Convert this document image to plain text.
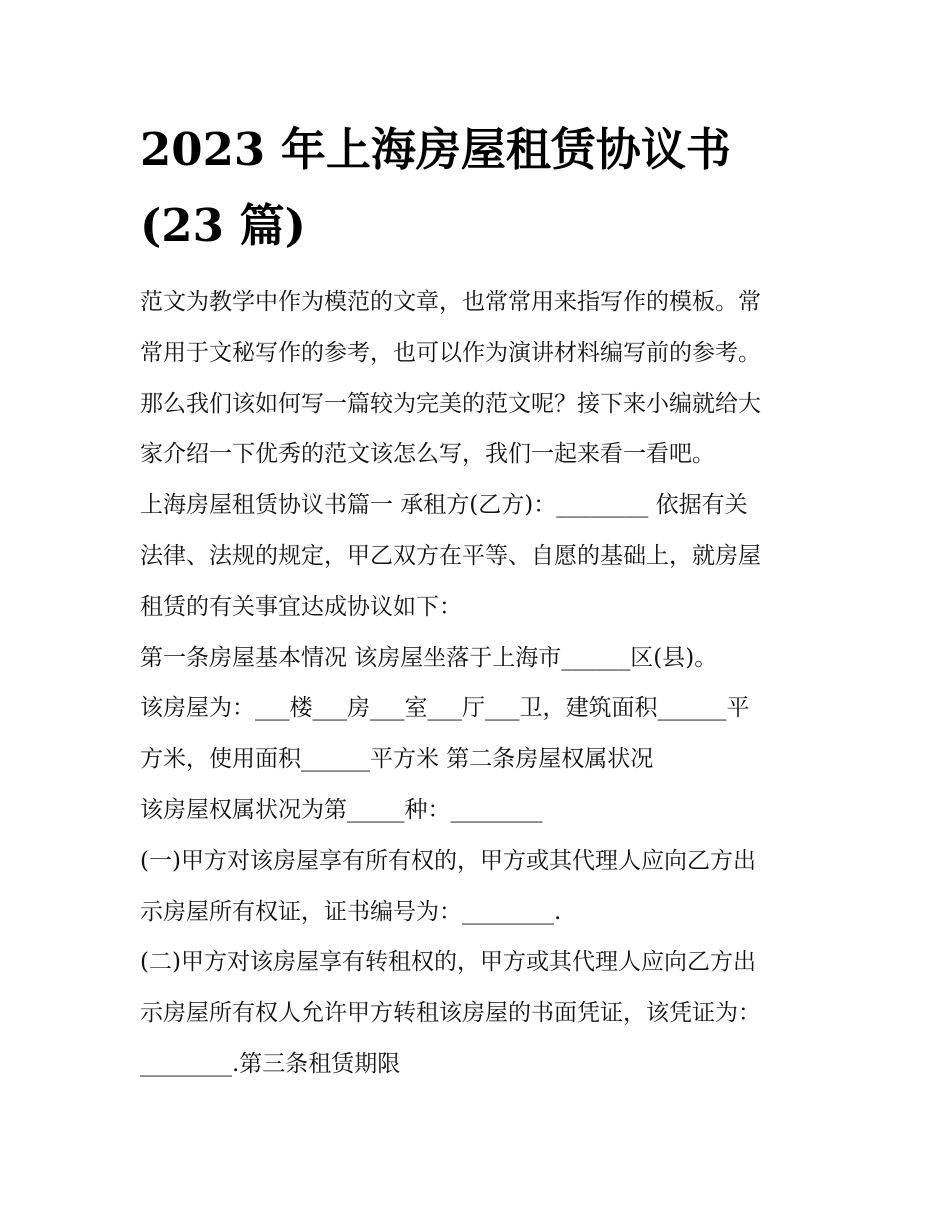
2023 年上海房屋租赁协议书
(23 篇)
范文为教学中作为模范的文章，也常常用来指写作的模板。常
常用于文秘写作的参考，也可以作为演讲材料编写前的参考。
那么我们该如何写一篇较为完美的范文呢？接下来小编就给大
家介绍一下优秀的范文该怎么写，我们一起来看一看吧。
上海房屋租赁协议书篇一 承租方(乙方)：________ 依据有关
法律、法规的规定，甲乙双方在平等、自愿的基础上，就房屋
租赁的有关事宜达成协议如下：
第一条房屋基本情况 该房屋坐落于上海市______区(县)。
该房屋为：___楼___房___室___厅___卫，建筑面积______平
方米，使用面积______平方米 第二条房屋权属状况
该房屋权属状况为第_____种：________
(一)甲方对该房屋享有所有权的，甲方或其代理人应向乙方出
示房屋所有权证，证书编号为：________.
(二)甲方对该房屋享有转租权的，甲方或其代理人应向乙方出
示房屋所有权人允许甲方转租该房屋的书面凭证，该凭证为：
________.第三条租赁期限
